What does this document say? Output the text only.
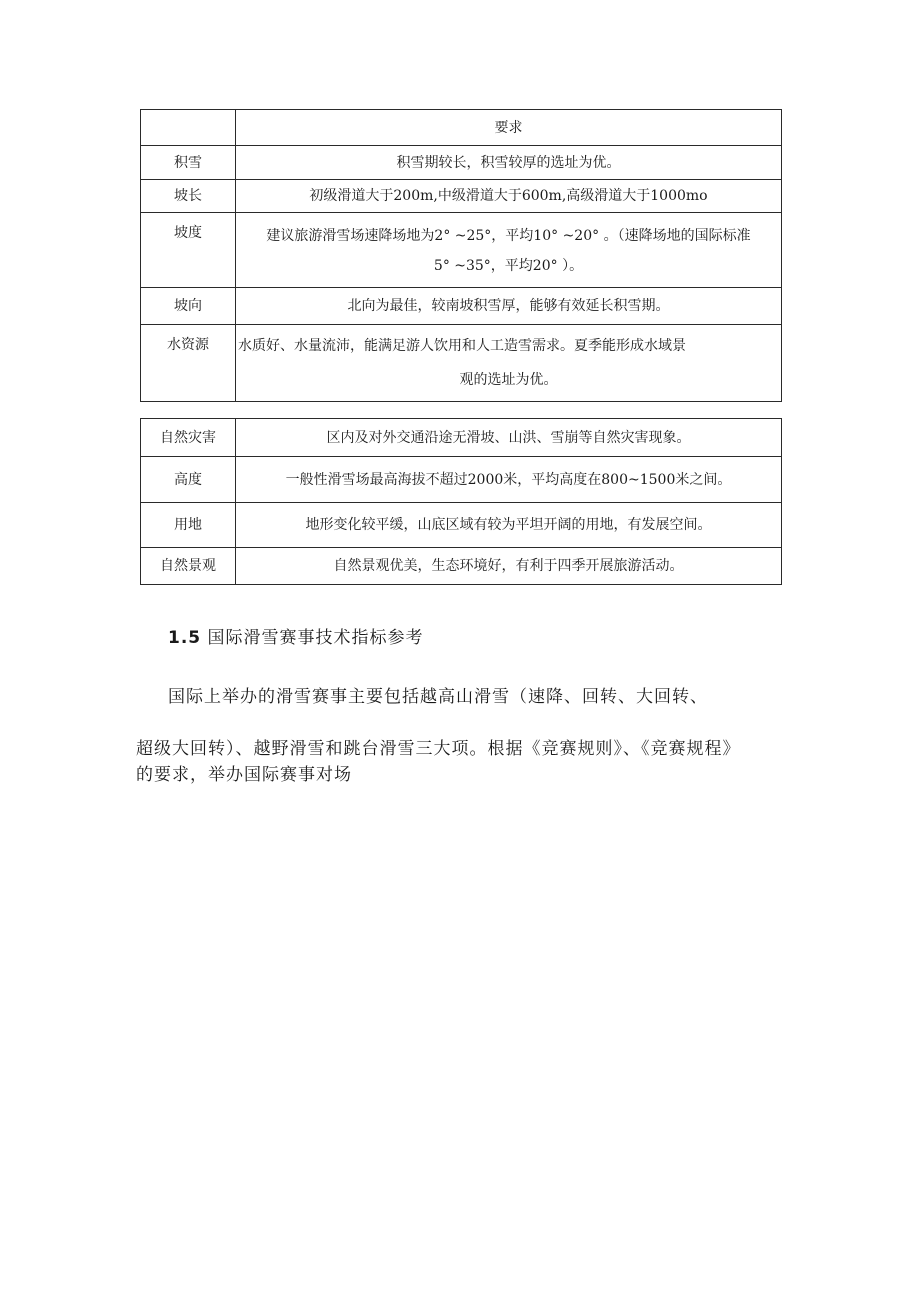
	要求
积雪	积雪期较长，积雪较厚的选址为优。
坡长	初级滑道大于200m,中级滑道大于600m,高级滑道大于1000mo
坡度	建议旅游滑雪场速降场地为2° ~25°，平均10° ~20° 。（速降场地的国际标准
5° ~35°，平均20° ）。

坡向	北向为最佳，较南坡积雪厚，能够有效延长积雪期。
水资源	水质好、水量流沛，能满足游人饮用和人工造雪需求。夏季能形成水域景
观的选址为优。
自然灾害	区内及对外交通沿途无滑坡、山洪、雪崩等自然灾害现象。
高度	一般性滑雪场最高海拔不超过2000米，平均高度在800~1500米之间。
用地	地形变化较平缓，山底区域有较为平坦开阔的用地，有发展空间。
自然景观	自然景观优美，生态环境好，有利于四季开展旅游活动。
1.5 国际滑雪赛事技术指标参考
国际上举办的滑雪赛事主要包括越高山滑雪（速降、回转、大回转、
超级大回转）、越野滑雪和跳台滑雪三大项。根据《竞赛规则》、《竞赛规程》
的要求，举办国际赛事对场
